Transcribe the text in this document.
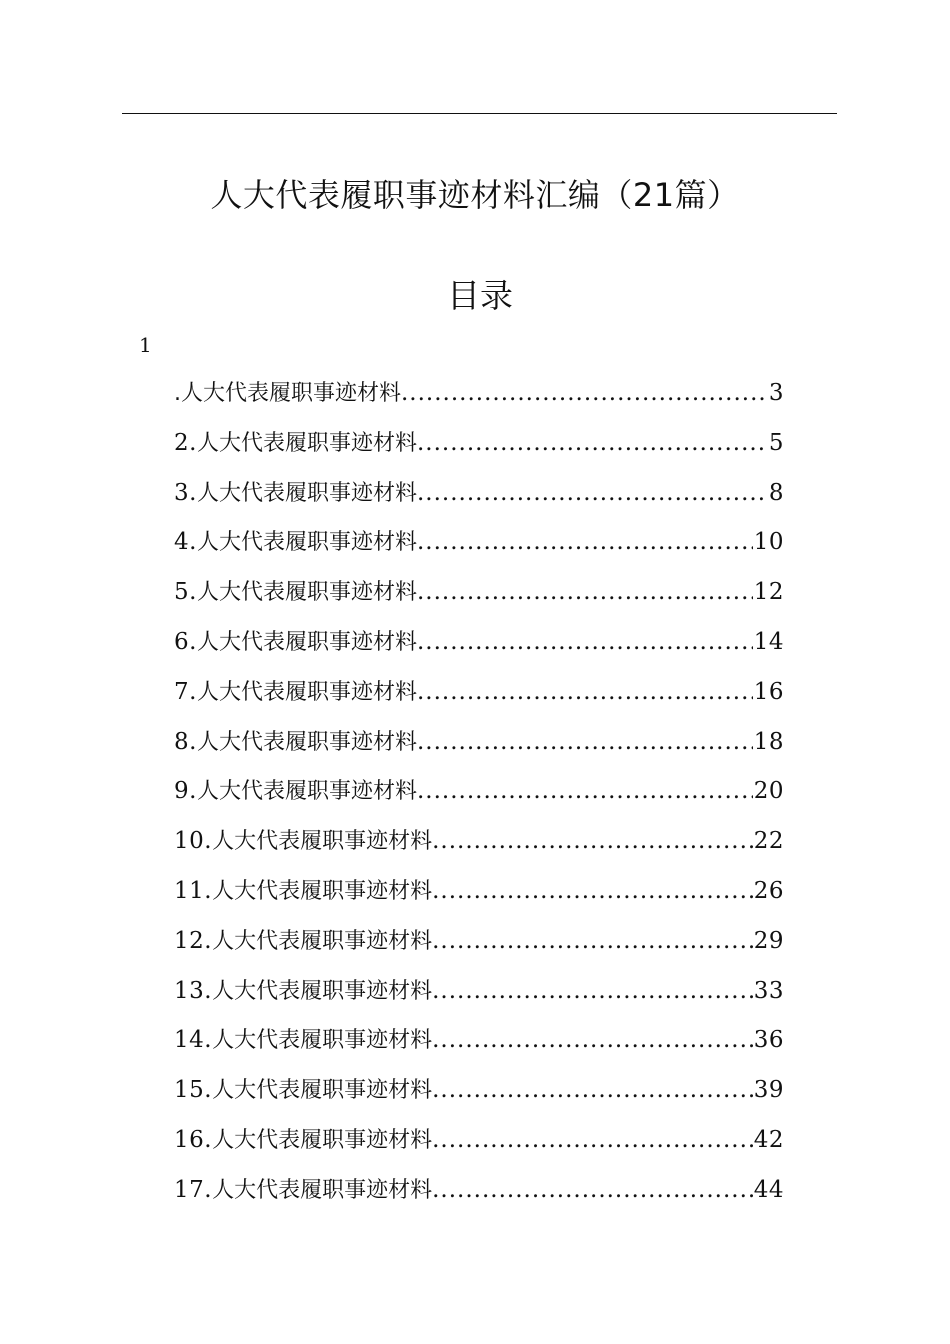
人大代表履职事迹材料汇编（21篇）
目录
1
.人大代表履职事迹材料 .....	3
2. 人大代表履职事迹材料 .....	5
3. 人大代表履职事迹材料 .....	8
4. 人大代表履职事迹材料 .....	10
5. 人大代表履职事迹材料 .....	12
6. 人大代表履职事迹材料 .....	14
7. 人大代表履职事迹材料 .....	16
8. 人大代表履职事迹材料 .....	18
9. 人大代表履职事迹材料 .....	20
10. 人大代表履职事迹材料 .....	22
11. 人大代表履职事迹材料 .....	26
12. 人大代表履职事迹材料 .....	29
13. 人大代表履职事迹材料 .....	33
14. 人大代表履职事迹材料 .....	36
15. 人大代表履职事迹材料 .....	39
16. 人大代表履职事迹材料 .....	42
17. 人大代表履职事迹材料 .....	44
